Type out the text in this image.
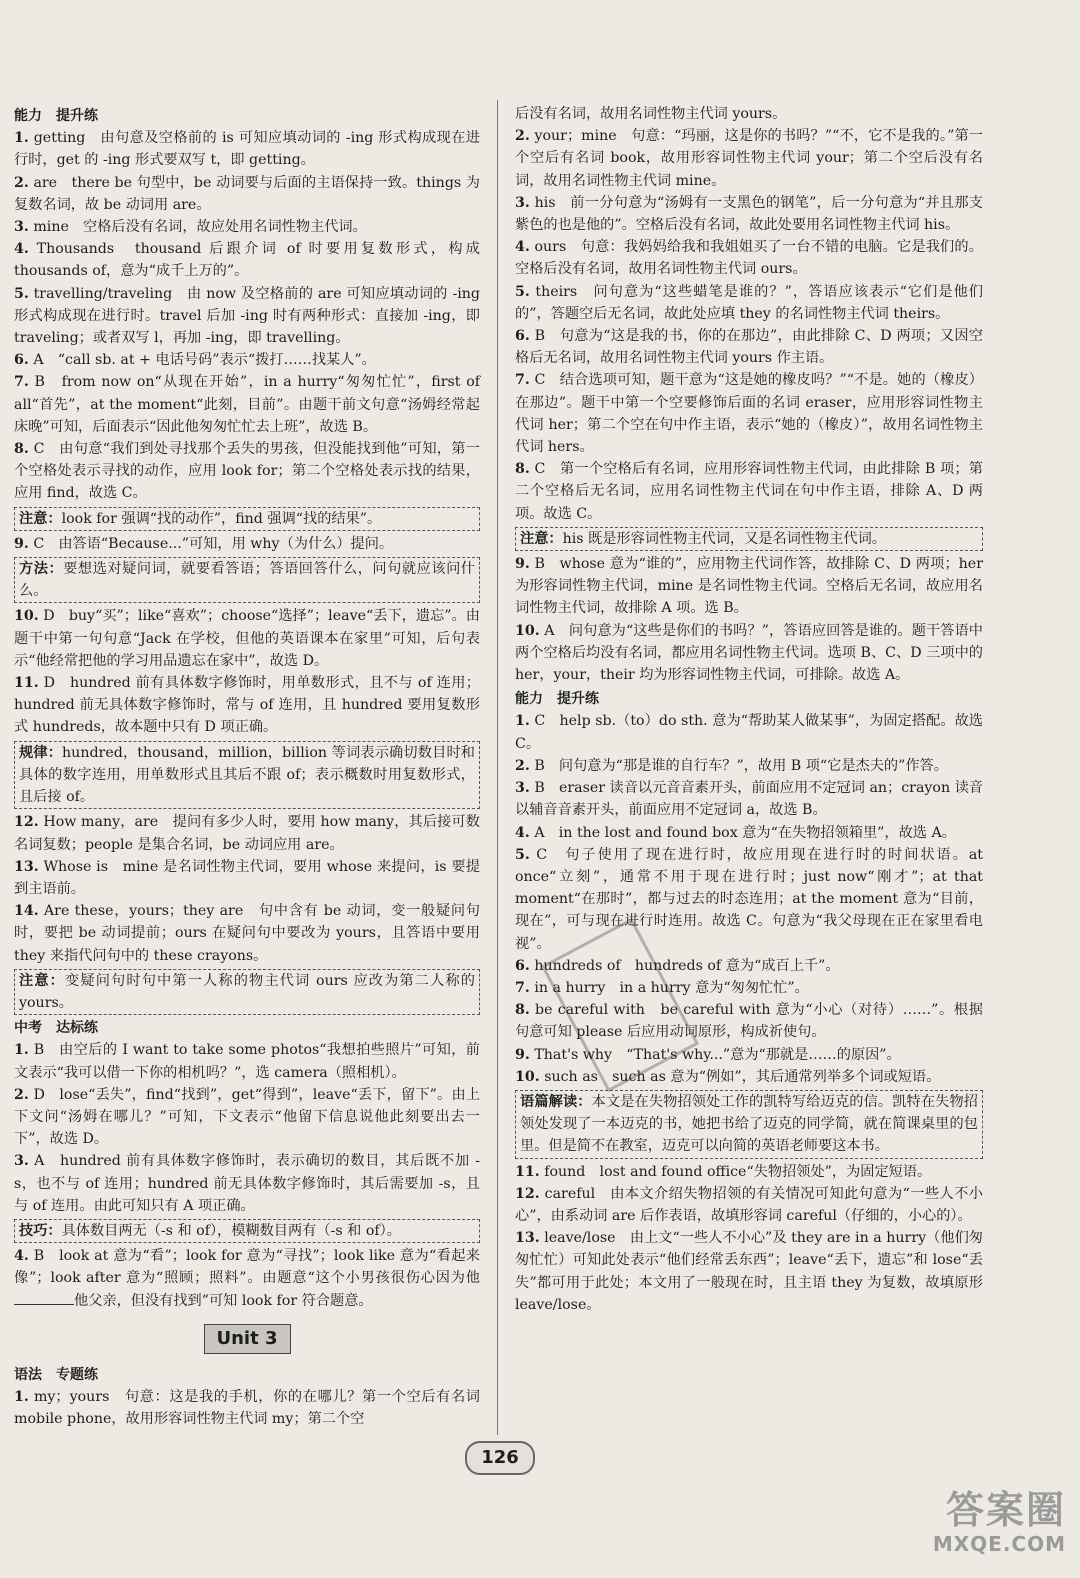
能力　提升练

1. getting　由句意及空格前的 is 可知应填动词的 -ing 形式构成现在进行时，get 的 -ing 形式要双写 t，即 getting。

2. are　there be 句型中，be 动词要与后面的主语保持一致。things 为复数名词，故 be 动词用 are。

3. mine　空格后没有名词，故应处用名词性物主代词。

4. Thousands　thousand 后跟介词 of 时要用复数形式，构成 thousands of，意为“成千上万的”。

5. travelling/traveling　由 now 及空格前的 are 可知应填动词的 -ing 形式构成现在进行时。travel 后加 -ing 时有两种形式：直接加 -ing，即 traveling；或者双写 l，再加 -ing，即 travelling。

6. A　“call sb. at + 电话号码”表示“拨打……找某人”。

7. B　from now on“从现在开始”，in a hurry“匆匆忙忙”，first of all“首先”，at the moment“此刻，目前”。由题干前文句意“汤姆经常起床晚”可知，后面表示“因此他匆匆忙忙去上班”，故选 B。

8. C　由句意“我们到处寻找那个丢失的男孩，但没能找到他”可知，第一个空格处表示寻找的动作，应用 look for；第二个空格处表示找的结果，应用 find，故选 C。

注意：look for 强调“找的动作”，find 强调“找的结果”。

9. C　由答语“Because...”可知，用 why（为什么）提问。

方法：要想选对疑问词，就要看答语；答语回答什么，问句就应该问什么。

10. D　buy“买”；like“喜欢”；choose“选择”；leave“丢下，遗忘”。由题干中第一句句意“Jack 在学校，但他的英语课本在家里”可知，后句表示“他经常把他的学习用品遗忘在家中”，故选 D。

11. D　hundred 前有具体数字修饰时，用单数形式，且不与 of 连用；hundred 前无具体数字修饰时，常与 of 连用，且 hundred 要用复数形式 hundreds，故本题中只有 D 项正确。

规律：hundred，thousand，million，billion 等词表示确切数目时和具体的数字连用，用单数形式且其后不跟 of；表示概数时用复数形式，且后接 of。

12. How many，are　提问有多少人时，要用 how many，其后接可数名词复数；people 是集合名词，be 动词应用 are。

13. Whose is　mine 是名词性物主代词，要用 whose 来提问，is 要提到主语前。

14. Are these，yours；they are　句中含有 be 动词，变一般疑问句时，要把 be 动词提前；ours 在疑问句中要改为 yours，且答语中要用 they 来指代问句中的 these crayons。

注意：变疑问句时句中第一人称的物主代词 ours 应改为第二人称的 yours。
中考　达标练

1. B　由空后的 I want to take some photos“我想拍些照片”可知，前文表示“我可以借一下你的相机吗？”，选 camera（照相机）。

2. D　lose“丢失”，find“找到”，get“得到”，leave“丢下，留下”。由上下文问“汤姆在哪儿？”可知，下文表示“他留下信息说他此刻要出去一下”，故选 D。

3. A　hundred 前有具体数字修饰时，表示确切的数目，其后既不加 -s，也不与 of 连用；hundred 前无具体数字修饰时，其后需要加 -s，且与 of 连用。由此可知只有 A 项正确。

技巧：具体数目两无（-s 和 of），模糊数目两有（-s 和 of）。

4. B　look at 意为“看”；look for 意为“寻找”；look like 意为“看起来像”；look after 意为“照顾；照料”。由题意“这个小男孩很伤心因为他他父亲，但没有找到”可知 look for 符合题意。

Unit 3
语法　专题练

1. my；yours　句意：这是我的手机，你的在哪儿？第一个空后有名词 mobile phone，故用形容词性物主代词 my；第二个空

后没有名词，故用名词性物主代词 yours。

2. your；mine　句意：“玛丽，这是你的书吗？”“不，它不是我的。”第一个空后有名词 book，故用形容词性物主代词 your；第二个空后没有名词，故用名词性物主代词 mine。

3. his　前一分句意为“汤姆有一支黑色的钢笔”，后一分句意为“并且那支紫色的也是他的”。空格后没有名词，故此处要用名词性物主代词 his。

4. ours　句意：我妈妈给我和我姐姐买了一台不错的电脑。它是我们的。空格后没有名词，故用名词性物主代词 ours。

5. theirs　问句意为“这些蜡笔是谁的？”，答语应该表示“它们是他们的”，答题空后无名词，故此处应填 they 的名词性物主代词 theirs。

6. B　句意为“这是我的书，你的在那边”，由此排除 C、D 两项；又因空格后无名词，故用名词性物主代词 yours 作主语。

7. C　结合选项可知，题干意为“这是她的橡皮吗？”“不是。她的（橡皮）在那边”。题干中第一个空要修饰后面的名词 eraser，应用形容词性物主代词 her；第二个空在句中作主语，表示“她的（橡皮）”，故用名词性物主代词 hers。

8. C　第一个空格后有名词，应用形容词性物主代词，由此排除 B 项；第二个空格后无名词，应用名词性物主代词在句中作主语，排除 A、D 两项。故选 C。

注意：his 既是形容词性物主代词，又是名词性物主代词。

9. B　whose 意为“谁的”，应用物主代词作答，故排除 C、D 两项；her 为形容词性物主代词，mine 是名词性物主代词。空格后无名词，故应用名词性物主代词，故排除 A 项。选 B。

10. A　问句意为“这些是你们的书吗？”，答语应回答是谁的。题干答语中两个空格后均没有名词，都应用名词性物主代词。选项 B、C、D 三项中的 her，your，their 均为形容词性物主代词，可排除。故选 A。

能力　提升练

1. C　help sb.（to）do sth. 意为“帮助某人做某事”，为固定搭配。故选 C。

2. B　问句意为“那是谁的自行车？”，故用 B 项“它是杰夫的”作答。

3. B　eraser 读音以元音音素开头，前面应用不定冠词 an；crayon 读音以辅音音素开头，前面应用不定冠词 a，故选 B。

4. A　in the lost and found box 意为“在失物招领箱里”，故选 A。

5. C　句子使用了现在进行时，故应用现在进行时的时间状语。at once“立刻”，通常不用于现在进行时；just now“刚才”；at that moment“在那时”，都与过去的时态连用；at the moment 意为“目前，现在”，可与现在进行时连用。故选 C。句意为“我父母现在正在家里看电视”。

6. hundreds of　hundreds of 意为“成百上千”。

7. in a hurry　in a hurry 意为“匆匆忙忙”。

8. be careful with　be careful with 意为“小心（对待）……”。根据句意可知 please 后应用动词原形，构成祈使句。

9. That's why　“That's why...”意为“那就是……的原因”。

10. such as　such as 意为“例如”，其后通常列举多个词或短语。

语篇解读：本文是在失物招领处工作的凯特写给迈克的信。凯特在失物招领处发现了一本迈克的书，她把书给了迈克的同学简，就在简课桌里的包里。但是简不在教室，迈克可以向简的英语老师要这本书。

11. found　lost and found office“失物招领处”，为固定短语。

12. careful　由本文介绍失物招领的有关情况可知此句意为“一些人不小心”，由系动词 are 后作表语，故填形容词 careful（仔细的，小心的）。

13. leave/lose　由上文“一些人不小心”及 they are in a hurry（他们匆匆忙忙）可知此处表示“他们经常丢东西”；leave“丢下，遗忘”和 lose“丢失”都可用于此处；本文用了一般现在时，且主语 they 为复数，故填原形 leave/lose。

126
答案圈
MXQE.COM
